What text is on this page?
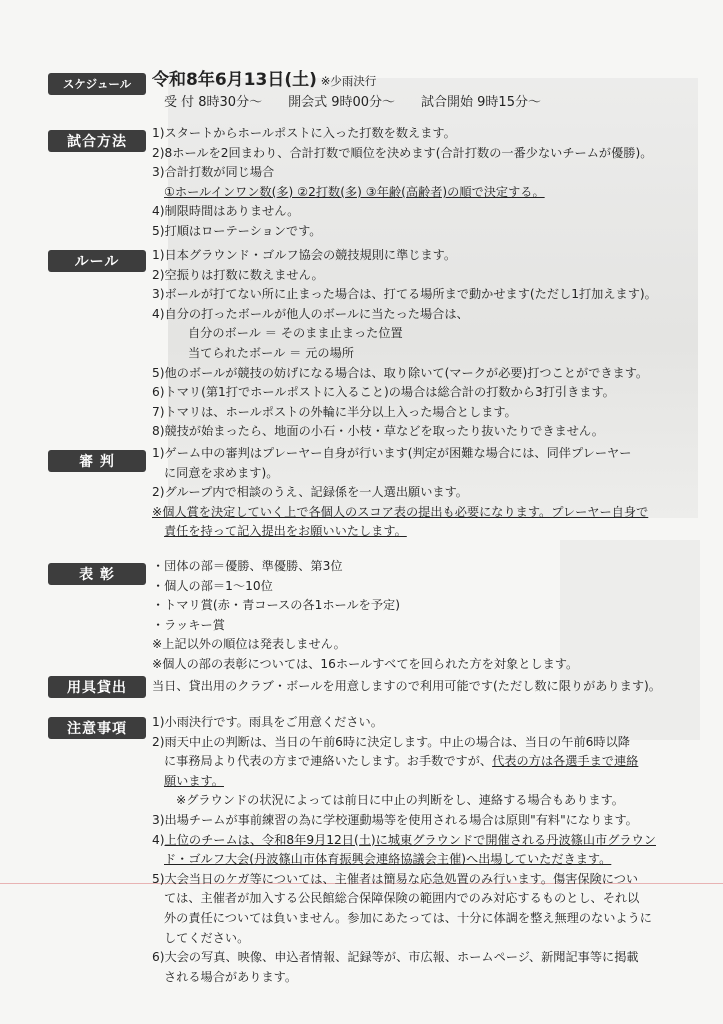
スケジュール	令和8年6月13日(土) ※少雨決行
受 付 8時30分～　　開会式 9時00分～　　試合開始 9時15分～
試合方法
1)スタートからホールポストに入った打数を数えます。
2)8ホールを2回まわり、合計打数で順位を決めます(合計打数の一番少ないチームが優勝)。
3)合計打数が同じ場合
①ホールインワン数(多) ②2打数(多) ③年齢(高齢者)の順で決定する。
4)制限時間はありません。
5)打順はローテーションです。
ルール	1)日本グラウンド・ゴルフ協会の競技規則に準じます。
2)空振りは打数に数えません。
3)ボールが打てない所に止まった場合は、打てる場所まで動かせます(ただし1打加えます)。
4)自分の打ったボールが他人のボールに当たった場合は、
自分のボール ＝ そのまま止まった位置
当てられたボール ＝ 元の場所
5)他のボールが競技の妨げになる場合は、取り除いて(マークが必要)打つことができます。
6)トマリ(第1打でホールポストに入ること)の場合は総合計の打数から3打引きます。
7)トマリは、ホールポストの外輪に半分以上入った場合とします。
8)競技が始まったら、地面の小石・小枝・草などを取ったり抜いたりできません。
審 判
1)ゲーム中の審判はプレーヤー自身が行います(判定が困難な場合には、同伴プレーヤー
に同意を求めます)。
2)グループ内で相談のうえ、記録係を一人選出願います。
※個人賞を決定していく上で各個人のスコア表の提出も必要になります。プレーヤー自身で
責任を持って記入提出をお願いいたします。
表 彰
・団体の部＝優勝、準優勝、第3位
・個人の部＝1～10位
・トマリ賞(赤・青コースの各1ホールを予定)
・ラッキー賞
※上記以外の順位は発表しません。
※個人の部の表彰については、16ホールすべてを回られた方を対象とします。
用具貸出	当日、貸出用のクラブ・ボールを用意しますので利用可能です(ただし数に限りがあります)。
注意事項	1)小雨決行です。雨具をご用意ください。
2)雨天中止の判断は、当日の午前6時に決定します。中止の場合は、当日の午前6時以降
に事務局より代表の方まで連絡いたします。お手数ですが、代表の方は各選手まで連絡
願います。
※グラウンドの状況によっては前日に中止の判断をし、連絡する場合もあります。
3)出場チームが事前練習の為に学校運動場等を使用される場合は原則"有料"になります。
4)上位のチームは、令和8年9月12日(土)に城東グラウンドで開催される丹波篠山市グラウン
ド・ゴルフ大会(丹波篠山市体育振興会連絡協議会主催)へ出場していただきます。
5)大会当日のケガ等については、主催者は簡易な応急処置のみ行います。傷害保険につい
ては、主催者が加入する公民館総合保障保険の範囲内でのみ対応するものとし、それ以
外の責任については負いません。参加にあたっては、十分に体調を整え無理のないように
してください。
6)大会の写真、映像、申込者情報、記録等が、市広報、ホームページ、新聞記事等に掲載
される場合があります。
